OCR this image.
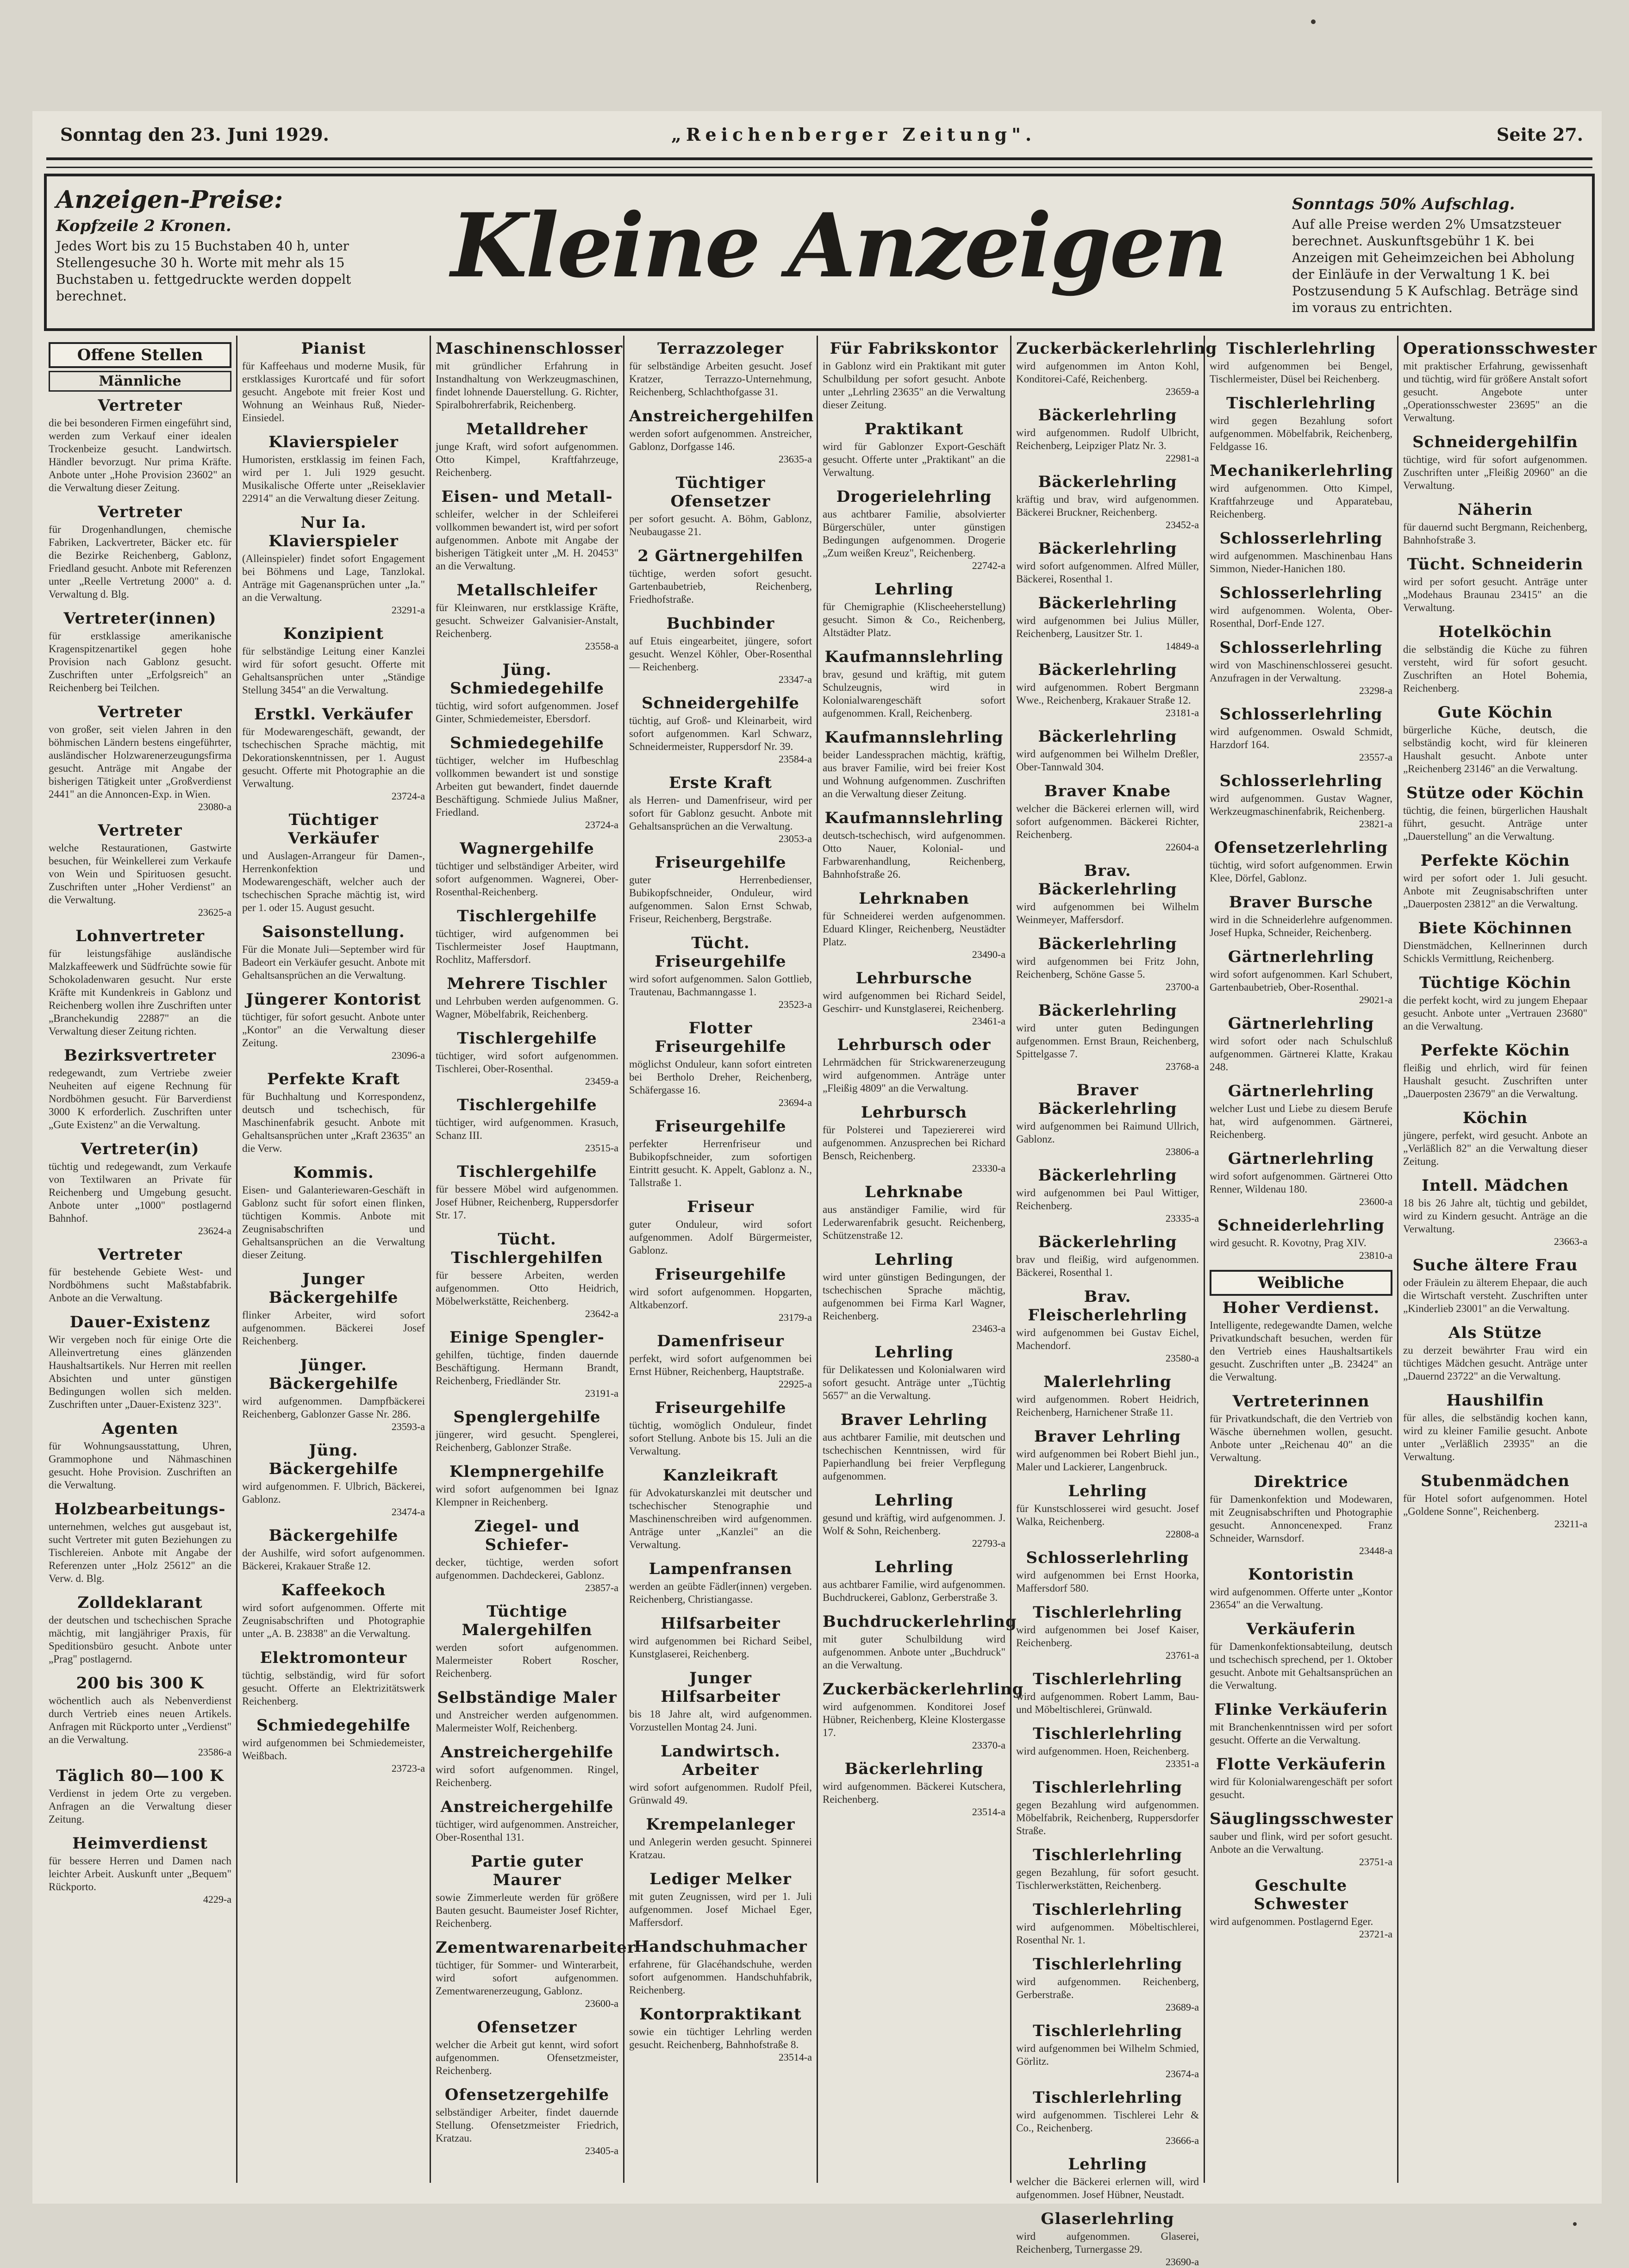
Sonntag den 23. Juni 1929.	„Reichenberger Zeitung".	Seite 27.
Anzeigen-Preise:
Kopfzeile 2 Kronen.
Jedes Wort bis zu 15 Buchstaben 40 h, unter Stellengesuche 30 h. Worte mit mehr als 15 Buchstaben u. fettgedruckte werden doppelt berechnet.	Kleine Anzeigen	Sonntags 50% Aufschlag.
Auf alle Preise werden 2% Umsatzsteuer berechnet. Auskunftsgebühr 1 K. bei Anzeigen mit Geheimzeichen bei Abholung der Einläufe in der Verwaltung 1 K. bei Postzusendung 5 K Aufschlag. Beträge sind im voraus zu entrichten.
Offene Stellen
Männliche
Vertreter

die bei besonderen Firmen eingeführt sind, werden zum Verkauf einer idealen Trockenbeize gesucht. Landwirtsch. Händler bevorzugt. Nur prima Kräfte. Anbote unter „Hohe Provision 23602" an die Verwaltung dieser Zeitung.

Vertreter

für Drogenhandlungen, chemische Fabriken, Lackvertreter, Bäcker etc. für die Bezirke Reichenberg, Gablonz, Friedland gesucht. Anbote mit Referenzen unter „Reelle Vertretung 2000" a. d. Verwaltung d. Blg.

Vertreter(innen)

für erstklassige amerikanische Kragenspitzenartikel gegen hohe Provision nach Gablonz gesucht. Zuschriften unter „Erfolgsreich" an Reichenberg bei Teilchen.

Vertreter

von großer, seit vielen Jahren in den böhmischen Ländern bestens eingeführter, ausländischer Holzwarenerzeugungsfirma gesucht. Anträge mit Angabe der bisherigen Tätigkeit unter „Großverdienst 2441" an die Annoncen-Exp. in Wien.

23080-a
Vertreter

welche Restaurationen, Gastwirte besuchen, für Weinkellerei zum Verkaufe von Wein und Spirituosen gesucht. Zuschriften unter „Hoher Verdienst" an die Verwaltung.

23625-a
Lohnvertreter

für leistungsfähige ausländische Malzkaffeewerk und Südfrüchte sowie für Schokoladenwaren gesucht. Nur erste Kräfte mit Kundenkreis in Gablonz und Reichenberg wollen ihre Zuschriften unter „Branchekundig 22887" an die Verwaltung dieser Zeitung richten.

Bezirksvertreter

redegewandt, zum Vertriebe zweier Neuheiten auf eigene Rechnung für Nordböhmen gesucht. Für Barverdienst 3000 K erforderlich. Zuschriften unter „Gute Existenz" an die Verwaltung.

Vertreter(in)

tüchtig und redegewandt, zum Verkaufe von Textilwaren an Private für Reichenberg und Umgebung gesucht. Anbote unter „1000" postlagernd Bahnhof.

23624-a
Vertreter

für bestehende Gebiete West- und Nordböhmens sucht Maßstabfabrik. Anbote an die Verwaltung.

Dauer-Existenz

Wir vergeben noch für einige Orte die Alleinvertretung eines glänzenden Haushaltsartikels. Nur Herren mit reellen Absichten und unter günstigen Bedingungen wollen sich melden. Zuschriften unter „Dauer-Existenz 323".

Agenten

für Wohnungsausstattung, Uhren, Grammophone und Nähmaschinen gesucht. Hohe Provision. Zuschriften an die Verwaltung.

Holzbearbeitungs-

unternehmen, welches gut ausgebaut ist, sucht Vertreter mit guten Beziehungen zu Tischlereien. Anbote mit Angabe der Referenzen unter „Holz 25612" an die Verw. d. Blg.

Zolldeklarant

der deutschen und tschechischen Sprache mächtig, mit langjähriger Praxis, für Speditionsbüro gesucht. Anbote unter „Prag" postlagernd.

200 bis 300 K

wöchentlich auch als Nebenverdienst durch Vertrieb eines neuen Artikels. Anfragen mit Rückporto unter „Verdienst" an die Verwaltung.

23586-a
Täglich 80—100 K

Verdienst in jedem Orte zu vergeben. Anfragen an die Verwaltung dieser Zeitung.

Heimverdienst

für bessere Herren und Damen nach leichter Arbeit. Auskunft unter „Bequem" Rückporto.

4229-a
Pianist

für Kaffeehaus und moderne Musik, für erstklassiges Kurortcafé und für sofort gesucht. Angebote mit freier Kost und Wohnung an Weinhaus Ruß, Nieder-Einsiedel.

Klavierspieler

Humoristen, erstklassig im feinen Fach, wird per 1. Juli 1929 gesucht. Musikalische Offerte unter „Reiseklavier 22914" an die Verwaltung dieser Zeitung.

Nur Ia. Klavierspieler

(Alleinspieler) findet sofort Engagement bei Böhmens und Lage, Tanzlokal. Anträge mit Gagenansprüchen unter „Ia." an die Verwaltung.

23291-a
Konzipient

für selbständige Leitung einer Kanzlei wird für sofort gesucht. Offerte mit Gehaltsansprüchen unter „Ständige Stellung 3454" an die Verwaltung.

Erstkl. Verkäufer

für Modewarengeschäft, gewandt, der tschechischen Sprache mächtig, mit Dekorationskenntnissen, per 1. August gesucht. Offerte mit Photographie an die Verwaltung.

23724-a
Tüchtiger Verkäufer

und Auslagen-Arrangeur für Damen-, Herrenkonfektion und Modewarengeschäft, welcher auch der tschechischen Sprache mächtig ist, wird per 1. oder 15. August gesucht.

Saisonstellung.

Für die Monate Juli—September wird für Badeort ein Verkäufer gesucht. Anbote mit Gehaltsansprüchen an die Verwaltung.

Jüngerer Kontorist

tüchtiger, für sofort gesucht. Anbote unter „Kontor" an die Verwaltung dieser Zeitung.

23096-a
Perfekte Kraft

für Buchhaltung und Korrespondenz, deutsch und tschechisch, für Maschinenfabrik gesucht. Anbote mit Gehaltsansprüchen unter „Kraft 23635" an die Verw.

Kommis.

Eisen- und Galanteriewaren-Geschäft in Gablonz sucht für sofort einen flinken, tüchtigen Kommis. Anbote mit Zeugnisabschriften und Gehaltsansprüchen an die Verwaltung dieser Zeitung.

Junger Bäckergehilfe

flinker Arbeiter, wird sofort aufgenommen. Bäckerei Josef Reichenberg.

Jünger. Bäckergehilfe

wird aufgenommen. Dampfbäckerei Reichenberg, Gablonzer Gasse Nr. 286.

23593-a
Jüng. Bäckergehilfe

wird aufgenommen. F. Ulbrich, Bäckerei, Gablonz.

23474-a
Bäckergehilfe

der Aushilfe, wird sofort aufgenommen. Bäckerei, Krakauer Straße 12.

Kaffeekoch

wird sofort aufgenommen. Offerte mit Zeugnisabschriften und Photographie unter „A. B. 23838" an die Verwaltung.

Elektromonteur

tüchtig, selbständig, wird für sofort gesucht. Offerte an Elektrizitätswerk Reichenberg.

Schmiedegehilfe

wird aufgenommen bei Schmiedemeister, Weißbach.

23723-a
Maschinenschlosser

mit gründlicher Erfahrung in Instandhaltung von Werkzeugmaschinen, findet lohnende Dauerstellung. G. Richter, Spiralbohrerfabrik, Reichenberg.

Metalldreher

junge Kraft, wird sofort aufgenommen. Otto Kimpel, Kraftfahrzeuge, Reichenberg.

Eisen- und Metall-

schleifer, welcher in der Schleiferei vollkommen bewandert ist, wird per sofort aufgenommen. Anbote mit Angabe der bisherigen Tätigkeit unter „M. H. 20453" an die Verwaltung.

Metallschleifer

für Kleinwaren, nur erstklassige Kräfte, gesucht. Schweizer Galvanisier-Anstalt, Reichenberg.

23558-a
Jüng. Schmiedegehilfe

tüchtig, wird sofort aufgenommen. Josef Ginter, Schmiedemeister, Ebersdorf.

Schmiedegehilfe

tüchtiger, welcher im Hufbeschlag vollkommen bewandert ist und sonstige Arbeiten gut bewandert, findet dauernde Beschäftigung. Schmiede Julius Maßner, Friedland.

23724-a
Wagnergehilfe

tüchtiger und selbständiger Arbeiter, wird sofort aufgenommen. Wagnerei, Ober-Rosenthal-Reichenberg.

Tischlergehilfe

tüchtiger, wird aufgenommen bei Tischlermeister Josef Hauptmann, Rochlitz, Maffersdorf.

Mehrere Tischler

und Lehrbuben werden aufgenommen. G. Wagner, Möbelfabrik, Reichenberg.

Tischlergehilfe

tüchtiger, wird sofort aufgenommen. Tischlerei, Ober-Rosenthal.

23459-a
Tischlergehilfe

tüchtiger, wird aufgenommen. Krasuch, Schanz III.

23515-a
Tischlergehilfe

für bessere Möbel wird aufgenommen. Josef Hübner, Reichenberg, Ruppersdorfer Str. 17.

Tücht. Tischlergehilfen

für bessere Arbeiten, werden aufgenommen. Otto Heidrich, Möbelwerkstätte, Reichenberg.

23642-a
Einige Spengler-

gehilfen, tüchtige, finden dauernde Beschäftigung. Hermann Brandt, Reichenberg, Friedländer Str.

23191-a
Spenglergehilfe

jüngerer, wird gesucht. Spenglerei, Reichenberg, Gablonzer Straße.

Klempnergehilfe

wird sofort aufgenommen bei Ignaz Klempner in Reichenberg.

Ziegel- und Schiefer-

decker, tüchtige, werden sofort aufgenommen. Dachdeckerei, Gablonz.

23857-a
Tüchtige Malergehilfen

werden sofort aufgenommen. Malermeister Robert Roscher, Reichenberg.

Selbständige Maler

und Anstreicher werden aufgenommen. Malermeister Wolf, Reichenberg.

Anstreichergehilfe

wird sofort aufgenommen. Ringel, Reichenberg.

Anstreichergehilfe

tüchtiger, wird aufgenommen. Anstreicher, Ober-Rosenthal 131.

Partie guter Maurer

sowie Zimmerleute werden für größere Bauten gesucht. Baumeister Josef Richter, Reichenberg.

Zementwarenarbeiter

tüchtiger, für Sommer- und Winterarbeit, wird sofort aufgenommen. Zementwarenerzeugung, Gablonz.

23600-a
Ofensetzer

welcher die Arbeit gut kennt, wird sofort aufgenommen. Ofensetzmeister, Reichenberg.

Ofensetzergehilfe

selbständiger Arbeiter, findet dauernde Stellung. Ofensetzmeister Friedrich, Kratzau.

23405-a
Terrazzoleger

für selbständige Arbeiten gesucht. Josef Kratzer, Terrazzo-Unternehmung, Reichenberg, Schlachthofgasse 31.

Anstreichergehilfen

werden sofort aufgenommen. Anstreicher, Gablonz, Dorfgasse 146.

23635-a
Tüchtiger Ofensetzer

per sofort gesucht. A. Böhm, Gablonz, Neubaugasse 21.

2 Gärtnergehilfen

tüchtige, werden sofort gesucht. Gartenbaubetrieb, Reichenberg, Friedhofstraße.

Buchbinder

auf Etuis eingearbeitet, jüngere, sofort gesucht. Wenzel Köhler, Ober-Rosenthal — Reichenberg.

23347-a
Schneidergehilfe

tüchtig, auf Groß- und Kleinarbeit, wird sofort aufgenommen. Karl Schwarz, Schneidermeister, Ruppersdorf Nr. 39.

23584-a
Erste Kraft

als Herren- und Damenfriseur, wird per sofort für Gablonz gesucht. Anbote mit Gehaltsansprüchen an die Verwaltung.

23053-a
Friseurgehilfe

guter Herrenbedienser, Bubikopfschneider, Onduleur, wird aufgenommen. Salon Ernst Schwab, Friseur, Reichenberg, Bergstraße.

Tücht. Friseurgehilfe

wird sofort aufgenommen. Salon Gottlieb, Trautenau, Bachmanngasse 1.

23523-a
Flotter Friseurgehilfe

möglichst Onduleur, kann sofort eintreten bei Bertholo Dreher, Reichenberg, Schäfergasse 16.

23694-a
Friseurgehilfe

perfekter Herrenfriseur und Bubikopfschneider, zum sofortigen Eintritt gesucht. K. Appelt, Gablonz a. N., Tallstraße 1.

Friseur

guter Onduleur, wird sofort aufgenommen. Adolf Bürgermeister, Gablonz.

Friseurgehilfe

wird sofort aufgenommen. Hopgarten, Altkabenzorf.

23179-a
Damenfriseur

perfekt, wird sofort aufgenommen bei Ernst Hübner, Reichenberg, Hauptstraße.

22925-a
Friseurgehilfe

tüchtig, womöglich Onduleur, findet sofort Stellung. Anbote bis 15. Juli an die Verwaltung.

Kanzleikraft

für Advokaturskanzlei mit deutscher und tschechischer Stenographie und Maschinenschreiben wird aufgenommen. Anträge unter „Kanzlei" an die Verwaltung.

Lampenfransen

werden an geübte Fädler(innen) vergeben. Reichenberg, Christiangasse.

Hilfsarbeiter

wird aufgenommen bei Richard Seibel, Kunstglaserei, Reichenberg.

Junger Hilfsarbeiter

bis 18 Jahre alt, wird aufgenommen. Vorzustellen Montag 24. Juni.

Landwirtsch. Arbeiter

wird sofort aufgenommen. Rudolf Pfeil, Grünwald 49.

Krempelanleger

und Anlegerin werden gesucht. Spinnerei Kratzau.

Lediger Melker

mit guten Zeugnissen, wird per 1. Juli aufgenommen. Josef Michael Eger, Maffersdorf.

Handschuhmacher

erfahrene, für Glacéhandschuhe, werden sofort aufgenommen. Handschuhfabrik, Reichenberg.

Kontorpraktikant

sowie ein tüchtiger Lehrling werden gesucht. Reichenberg, Bahnhofstraße 8.

23514-a
Für Fabrikskontor

in Gablonz wird ein Praktikant mit guter Schulbildung per sofort gesucht. Anbote unter „Lehrling 23635" an die Verwaltung dieser Zeitung.

Praktikant

wird für Gablonzer Export-Geschäft gesucht. Offerte unter „Praktikant" an die Verwaltung.

Drogerielehrling

aus achtbarer Familie, absolvierter Bürgerschüler, unter günstigen Bedingungen aufgenommen. Drogerie „Zum weißen Kreuz", Reichenberg.

22742-a
Lehrling

für Chemigraphie (Klischeeherstellung) gesucht. Simon & Co., Reichenberg, Altstädter Platz.

Kaufmannslehrling

brav, gesund und kräftig, mit gutem Schulzeugnis, wird in Kolonialwarengeschäft sofort aufgenommen. Krall, Reichenberg.

Kaufmannslehrling

beider Landessprachen mächtig, kräftig, aus braver Familie, wird bei freier Kost und Wohnung aufgenommen. Zuschriften an die Verwaltung dieser Zeitung.

Kaufmannslehrling

deutsch-tschechisch, wird aufgenommen. Otto Nauer, Kolonial- und Farbwarenhandlung, Reichenberg, Bahnhofstraße 26.

Lehrknaben

für Schneiderei werden aufgenommen. Eduard Klinger, Reichenberg, Neustädter Platz.

23490-a
Lehrbursche

wird aufgenommen bei Richard Seidel, Geschirr- und Kunstglaserei, Reichenberg.

23461-a
Lehrbursch oder

Lehrmädchen für Strickwarenerzeugung wird aufgenommen. Anträge unter „Fleißig 4809" an die Verwaltung.

Lehrbursch

für Polsterei und Tapeziererei wird aufgenommen. Anzusprechen bei Richard Bensch, Reichenberg.

23330-a
Lehrknabe

aus anständiger Familie, wird für Lederwarenfabrik gesucht. Reichenberg, Schützenstraße 12.

Lehrling

wird unter günstigen Bedingungen, der tschechischen Sprache mächtig, aufgenommen bei Firma Karl Wagner, Reichenberg.

23463-a
Lehrling

für Delikatessen und Kolonialwaren wird sofort gesucht. Anträge unter „Tüchtig 5657" an die Verwaltung.

Braver Lehrling

aus achtbarer Familie, mit deutschen und tschechischen Kenntnissen, wird für Papierhandlung bei freier Verpflegung aufgenommen.

Lehrling

gesund und kräftig, wird aufgenommen. J. Wolf & Sohn, Reichenberg.

22793-a
Lehrling

aus achtbarer Familie, wird aufgenommen. Buchdruckerei, Gablonz, Gerberstraße 3.

Buchdruckerlehrling

mit guter Schulbildung wird aufgenommen. Anbote unter „Buchdruck" an die Verwaltung.

Zuckerbäckerlehrling

wird aufgenommen. Konditorei Josef Hübner, Reichenberg, Kleine Klostergasse 17.

23370-a
Bäckerlehrling

wird aufgenommen. Bäckerei Kutschera, Reichenberg.

23514-a
Zuckerbäckerlehrling

wird aufgenommen im Anton Kohl, Konditorei-Café, Reichenberg.

23659-a
Bäckerlehrling

wird aufgenommen. Rudolf Ulbricht, Reichenberg, Leipziger Platz Nr. 3.

22981-a
Bäckerlehrling

kräftig und brav, wird aufgenommen. Bäckerei Bruckner, Reichenberg.

23452-a
Bäckerlehrling

wird sofort aufgenommen. Alfred Müller, Bäckerei, Rosenthal 1.

Bäckerlehrling

wird aufgenommen bei Julius Müller, Reichenberg, Lausitzer Str. 1.

14849-a
Bäckerlehrling

wird aufgenommen. Robert Bergmann Wwe., Reichenberg, Krakauer Straße 12.

23181-a
Bäckerlehrling

wird aufgenommen bei Wilhelm Dreßler, Ober-Tannwald 304.

Braver Knabe

welcher die Bäckerei erlernen will, wird sofort aufgenommen. Bäckerei Richter, Reichenberg.

22604-a
Brav. Bäckerlehrling

wird aufgenommen bei Wilhelm Weinmeyer, Maffersdorf.

Bäckerlehrling

wird aufgenommen bei Fritz John, Reichenberg, Schöne Gasse 5.

23700-a
Bäckerlehrling

wird unter guten Bedingungen aufgenommen. Ernst Braun, Reichenberg, Spittelgasse 7.

23768-a
Braver Bäckerlehrling

wird aufgenommen bei Raimund Ullrich, Gablonz.

23806-a
Bäckerlehrling

wird aufgenommen bei Paul Wittiger, Reichenberg.

23335-a
Bäckerlehrling

brav und fleißig, wird aufgenommen. Bäckerei, Rosenthal 1.

Brav. Fleischerlehrling

wird aufgenommen bei Gustav Eichel, Machendorf.

23580-a
Malerlehrling

wird aufgenommen. Robert Heidrich, Reichenberg, Harnichener Straße 11.

Braver Lehrling

wird aufgenommen bei Robert Biehl jun., Maler und Lackierer, Langenbruck.

Lehrling

für Kunstschlosserei wird gesucht. Josef Walka, Reichenberg.

22808-a
Schlosserlehrling

wird aufgenommen bei Ernst Hoorka, Maffersdorf 580.

Tischlerlehrling

wird aufgenommen bei Josef Kaiser, Reichenberg.

23761-a
Tischlerlehrling

wird aufgenommen. Robert Lamm, Bau- und Möbeltischlerei, Grünwald.

Tischlerlehrling

wird aufgenommen. Hoen, Reichenberg.

23351-a
Tischlerlehrling

gegen Bezahlung wird aufgenommen. Möbelfabrik, Reichenberg, Ruppersdorfer Straße.

Tischlerlehrling

gegen Bezahlung, für sofort gesucht. Tischlerwerkstätten, Reichenberg.

Tischlerlehrling

wird aufgenommen. Möbeltischlerei, Rosenthal Nr. 1.

Tischlerlehrling

wird aufgenommen. Reichenberg, Gerberstraße.

23689-a
Tischlerlehrling

wird aufgenommen bei Wilhelm Schmied, Görlitz.

23674-a
Tischlerlehrling

wird aufgenommen. Tischlerei Lehr & Co., Reichenberg.

23666-a
Lehrling

welcher die Bäckerei erlernen will, wird aufgenommen. Josef Hübner, Neustadt.

Glaserlehrling

wird aufgenommen. Glaserei, Reichenberg, Turnergasse 29.

23690-a
Tischlerlehrling

wird aufgenommen bei Bengel, Tischlermeister, Düsel bei Reichenberg.

Tischlerlehrling

wird gegen Bezahlung sofort aufgenommen. Möbelfabrik, Reichenberg, Feldgasse 16.

Mechanikerlehrling

wird aufgenommen. Otto Kimpel, Kraftfahrzeuge und Apparatebau, Reichenberg.

Schlosserlehrling

wird aufgenommen. Maschinenbau Hans Simmon, Nieder-Hanichen 180.

Schlosserlehrling

wird aufgenommen. Wolenta, Ober-Rosenthal, Dorf-Ende 127.

Schlosserlehrling

wird von Maschinenschlosserei gesucht. Anzufragen in der Verwaltung.

23298-a
Schlosserlehrling

wird aufgenommen. Oswald Schmidt, Harzdorf 164.

23557-a
Schlosserlehrling

wird aufgenommen. Gustav Wagner, Werkzeugmaschinenfabrik, Reichenberg.

23821-a
Ofensetzerlehrling

tüchtig, wird sofort aufgenommen. Erwin Klee, Dörfel, Gablonz.

Braver Bursche

wird in die Schneiderlehre aufgenommen. Josef Hupka, Schneider, Reichenberg.

Gärtnerlehrling

wird sofort aufgenommen. Karl Schubert, Gartenbaubetrieb, Ober-Rosenthal.

29021-a
Gärtnerlehrling

wird sofort oder nach Schulschluß aufgenommen. Gärtnerei Klatte, Krakau 248.

Gärtnerlehrling

welcher Lust und Liebe zu diesem Berufe hat, wird aufgenommen. Gärtnerei, Reichenberg.

Gärtnerlehrling

wird sofort aufgenommen. Gärtnerei Otto Renner, Wildenau 180.

23600-a
Schneiderlehrling

wird gesucht. R. Kovotny, Prag XIV.

23810-a
Weibliche
Hoher Verdienst.

Intelligente, redegewandte Damen, welche Privatkundschaft besuchen, werden für den Vertrieb eines Haushaltsartikels gesucht. Zuschriften unter „B. 23424" an die Verwaltung.

Vertreterinnen

für Privatkundschaft, die den Vertrieb von Wäsche übernehmen wollen, gesucht. Anbote unter „Reichenau 40" an die Verwaltung.

Direktrice

für Damenkonfektion und Modewaren, mit Zeugnisabschriften und Photographie gesucht. Annoncenexped. Franz Schneider, Warnsdorf.

23448-a
Kontoristin

wird aufgenommen. Offerte unter „Kontor 23654" an die Verwaltung.

Verkäuferin

für Damenkonfektionsabteilung, deutsch und tschechisch sprechend, per 1. Oktober gesucht. Anbote mit Gehaltsansprüchen an die Verwaltung.

Flinke Verkäuferin

mit Branchenkenntnissen wird per sofort gesucht. Offerte an die Verwaltung.

Flotte Verkäuferin

wird für Kolonialwarengeschäft per sofort gesucht.

Säuglingsschwester

sauber und flink, wird per sofort gesucht. Anbote an die Verwaltung.

23751-a
Geschulte Schwester

wird aufgenommen. Postlagernd Eger.

23721-a
Operationsschwester

mit praktischer Erfahrung, gewissenhaft und tüchtig, wird für größere Anstalt sofort gesucht. Angebote unter „Operationsschwester 23695" an die Verwaltung.

Schneidergehilfin

tüchtige, wird für sofort aufgenommen. Zuschriften unter „Fleißig 20960" an die Verwaltung.

Näherin

für dauernd sucht Bergmann, Reichenberg, Bahnhofstraße 3.

Tücht. Schneiderin

wird per sofort gesucht. Anträge unter „Modehaus Braunau 23415" an die Verwaltung.

Hotelköchin

die selbständig die Küche zu führen versteht, wird für sofort gesucht. Zuschriften an Hotel Bohemia, Reichenberg.

Gute Köchin

bürgerliche Küche, deutsch, die selbständig kocht, wird für kleineren Haushalt gesucht. Anbote unter „Reichenberg 23146" an die Verwaltung.

Stütze oder Köchin

tüchtig, die feinen, bürgerlichen Haushalt führt, gesucht. Anträge unter „Dauerstellung" an die Verwaltung.

Perfekte Köchin

wird per sofort oder 1. Juli gesucht. Anbote mit Zeugnisabschriften unter „Dauerposten 23812" an die Verwaltung.

Biete Köchinnen

Dienstmädchen, Kellnerinnen durch Schickls Vermittlung, Reichenberg.

Tüchtige Köchin

die perfekt kocht, wird zu jungem Ehepaar gesucht. Anbote unter „Vertrauen 23680" an die Verwaltung.

Perfekte Köchin

fleißig und ehrlich, wird für feinen Haushalt gesucht. Zuschriften unter „Dauerposten 23679" an die Verwaltung.

Köchin

jüngere, perfekt, wird gesucht. Anbote an „Verläßlich 82" an die Verwaltung dieser Zeitung.

Intell. Mädchen

18 bis 26 Jahre alt, tüchtig und gebildet, wird zu Kindern gesucht. Anträge an die Verwaltung.

23663-a
Suche ältere Frau

oder Fräulein zu älterem Ehepaar, die auch die Wirtschaft versteht. Zuschriften unter „Kinderlieb 23001" an die Verwaltung.

Als Stütze

zu derzeit bewährter Frau wird ein tüchtiges Mädchen gesucht. Anträge unter „Dauernd 23722" an die Verwaltung.

Haushilfin

für alles, die selbständig kochen kann, wird zu kleiner Familie gesucht. Anbote unter „Verläßlich 23935" an die Verwaltung.

Stubenmädchen

für Hotel sofort aufgenommen. Hotel „Goldene Sonne", Reichenberg.

23211-a
